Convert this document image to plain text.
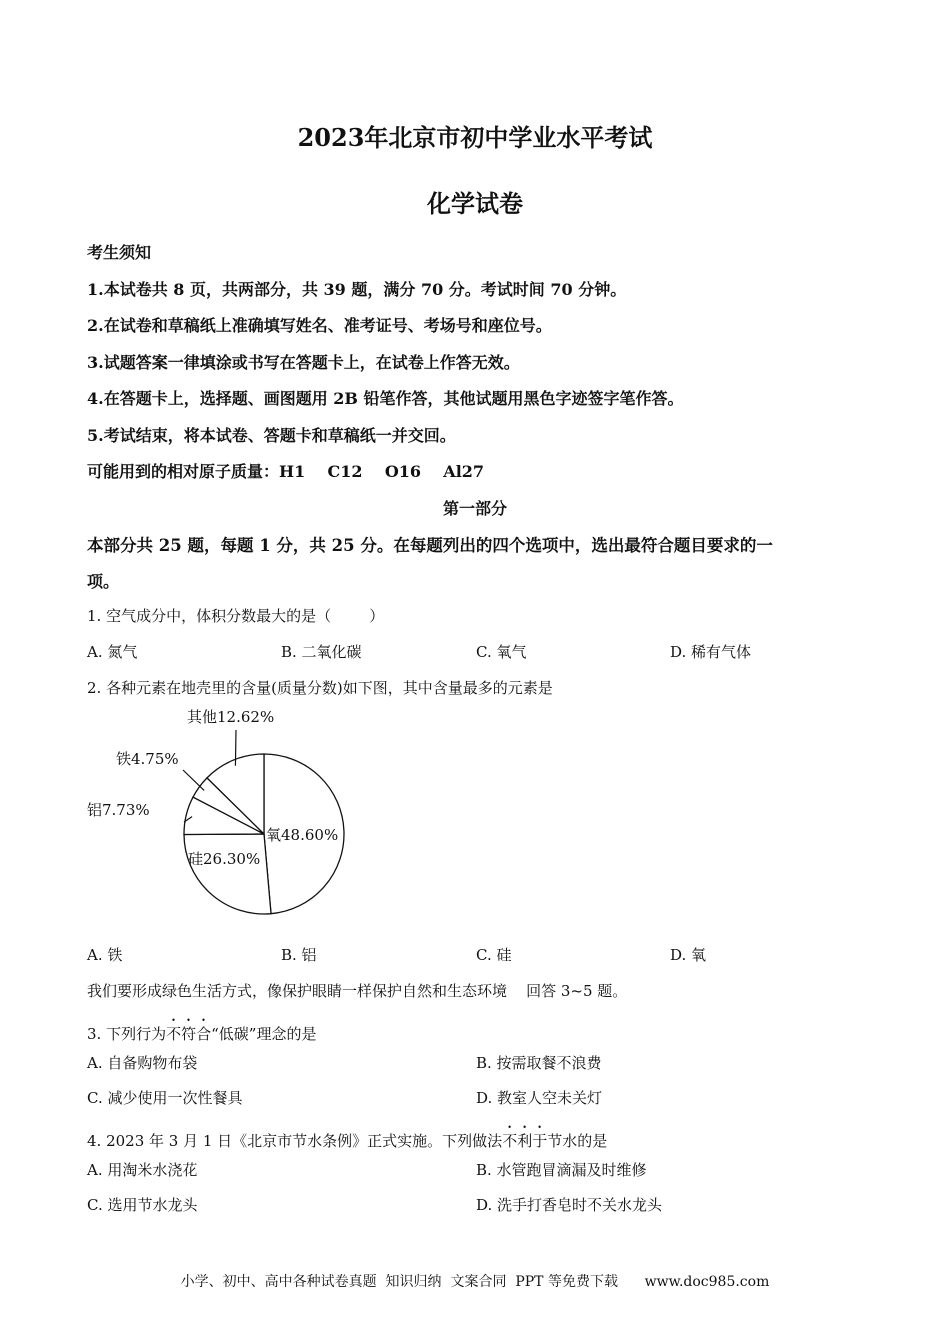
2023年北京市初中学业水平考试
化学试卷
考生须知
1.本试卷共 8 页，共两部分，共 39 题，满分 70 分。考试时间 70 分钟。
2.在试卷和草稿纸上准确填写姓名、准考证号、考场号和座位号。
3.试题答案一律填涂或书写在答题卡上，在试卷上作答无效。
4.在答题卡上，选择题、画图题用 2B 铅笔作答，其他试题用黑色字迹签字笔作答。
5.考试结束，将本试卷、答题卡和草稿纸一并交回。
可能用到的相对原子质量：H1    C12    O16    Al27
第一部分
本部分共 25 题，每题 1 分，共 25 分。在每题列出的四个选项中，选出最符合题目要求的一
项。
1. 空气成分中，体积分数最大的是（        ）
A. 氮气	B. 二氧化碳	C. 氧气	D. 稀有气体
2. 各种元素在地壳里的含量(质量分数)如下图，其中含量最多的元素是
氧48.60%
硅26.30%
铝7.73%
铁4.75%
其他12.62%
A. 铁	B. 铝	C. 硅	D. 氧
我们要形成绿色生活方式，像保护眼睛一样保护自然和生态环境    回答 3~5 题。
3. 下列行为不符合“低碳”理念的是
A. 自备购物布袋	B. 按需取餐不浪费
C. 减少使用一次性餐具	D. 教室人空未关灯
4. 2023 年 3 月 1 日《北京市节水条例》正式实施。下列做法不利于节水的是
A. 用淘米水浇花	B. 水管跑冒滴漏及时维修
C. 选用节水龙头	D. 洗手打香皂时不关水龙头
小学、初中、高中各种试卷真题  知识归纳  文案合同  PPT 等免费下载      www.doc985.com
